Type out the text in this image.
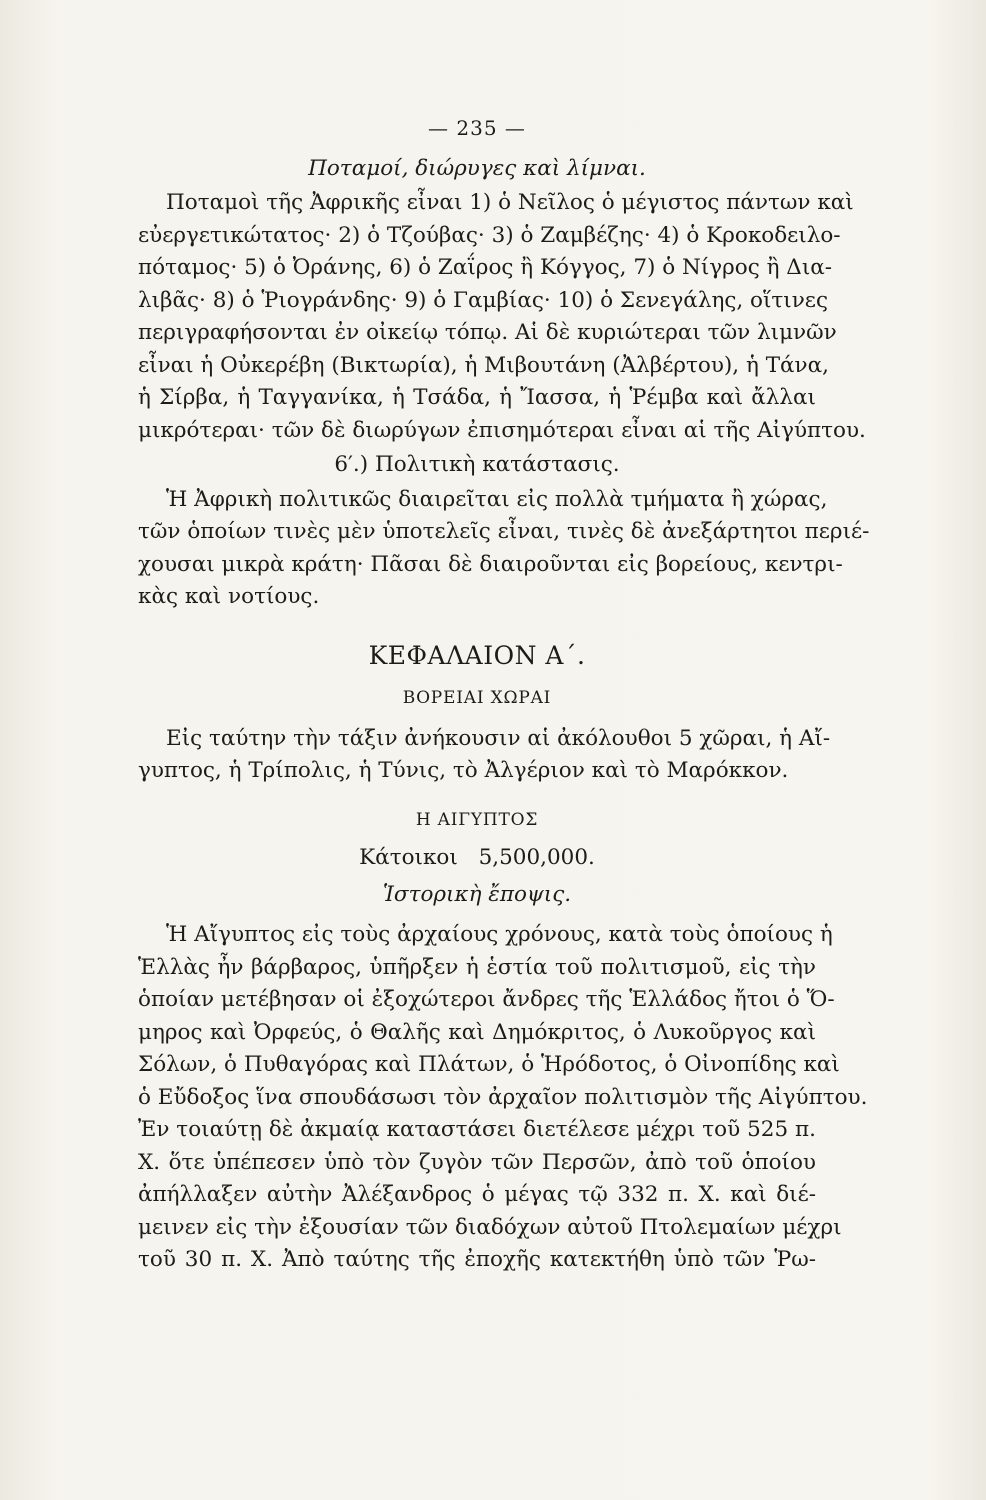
— 235 —
Ποταμοί, διώρυγες καὶ λίμναι.

Ποταμοὶ τῆς Ἀφρικῆς εἶναι 1) ὁ Νεῖλος ὁ μέγιστος πάντων καὶ
εὐεργετικώτατος· 2) ὁ Τζούβας· 3) ὁ Ζαμβέζης· 4) ὁ Κροκοδειλο-
πόταμος· 5) ὁ Ὀράνης, 6) ὁ Ζαΐρος ἢ Κόγγος, 7) ὁ Νίγρος ἢ Δια-
λιβᾶς· 8) ὁ Ῥιογράνδης· 9) ὁ Γαμβίας· 10) ὁ Σενεγάλης, οἵτινες
περιγραφήσονται ἐν οἰκείῳ τόπῳ. Αἱ δὲ κυριώτεραι τῶν λιμνῶν
εἶναι ἡ Οὐκερέβη (Βικτωρία), ἡ Μιβουτάνη (Ἀλβέρτου), ἡ Τάνα,
ἡ Σίρβα, ἡ Ταγγανίκα, ἡ Τσάδα, ἡ Ἴασσα, ἡ Ῥέμβα καὶ ἄλλαι
μικρότεραι· τῶν δὲ διωρύγων ἐπισημότεραι εἶναι αἱ τῆς Αἰγύπτου.

6′.) Πολιτικὴ κατάστασις.

Ἡ Ἀφρικὴ πολιτικῶς διαιρεῖται εἰς πολλὰ τμήματα ἢ χώρας,
τῶν ὁποίων τινὲς μὲν ὑποτελεῖς εἶναι, τινὲς δὲ ἀνεξάρτητοι περιέ-
χουσαι μικρὰ κράτη· Πᾶσαι δὲ διαιροῦνται εἰς βορείους, κεντρι-
κὰς καὶ νοτίους.

ΚΕΦΑΛΑΙΟΝ Α΄.
ΒΟΡΕΙΑΙ ΧΩΡΑΙ

Εἰς ταύτην τὴν τάξιν ἀνήκουσιν αἱ ἀκόλουθοι 5 χῶραι, ἡ Αἴ-
γυπτος, ἡ Τρίπολις, ἡ Τύνις, τὸ Ἀλγέριον καὶ τὸ Μαρόκκον.

Η ΑΙΓΥΠΤΟΣ
Κάτοικοι 5,500,000.
Ἱστορικὴ ἔποψις.

Ἡ Αἴγυπτος εἰς τοὺς ἀρχαίους χρόνους, κατὰ τοὺς ὁποίους ἡ
Ἑλλὰς ἦν βάρβαρος, ὑπῆρξεν ἡ ἑστία τοῦ πολιτισμοῦ, εἰς τὴν
ὁποίαν μετέβησαν οἱ ἐξοχώτεροι ἄνδρες τῆς Ἑλλάδος ἤτοι ὁ Ὅ-
μηρος καὶ Ὀρφεύς, ὁ Θαλῆς καὶ Δημόκριτος, ὁ Λυκοῦργος καὶ
Σόλων, ὁ Πυθαγόρας καὶ Πλάτων, ὁ Ἡρόδοτος, ὁ Οἰνοπίδης καὶ
ὁ Εὔδοξος ἵνα σπουδάσωσι τὸν ἀρχαῖον πολιτισμὸν τῆς Αἰγύπτου.
Ἐν τοιαύτῃ δὲ ἀκμαίᾳ καταστάσει διετέλεσε μέχρι τοῦ 525 π.
Χ. ὅτε ὑπέπεσεν ὑπὸ τὸν ζυγὸν τῶν Περσῶν, ἀπὸ τοῦ ὁποίου
ἀπήλλαξεν αὐτὴν Ἀλέξανδρος ὁ μέγας τῷ 332 π. Χ. καὶ διέ-
μεινεν εἰς τὴν ἐξουσίαν τῶν διαδόχων αὐτοῦ Πτολεμαίων μέχρι
τοῦ 30 π. Χ. Ἀπὸ ταύτης τῆς ἐποχῆς κατεκτήθη ὑπὸ τῶν Ῥω-
